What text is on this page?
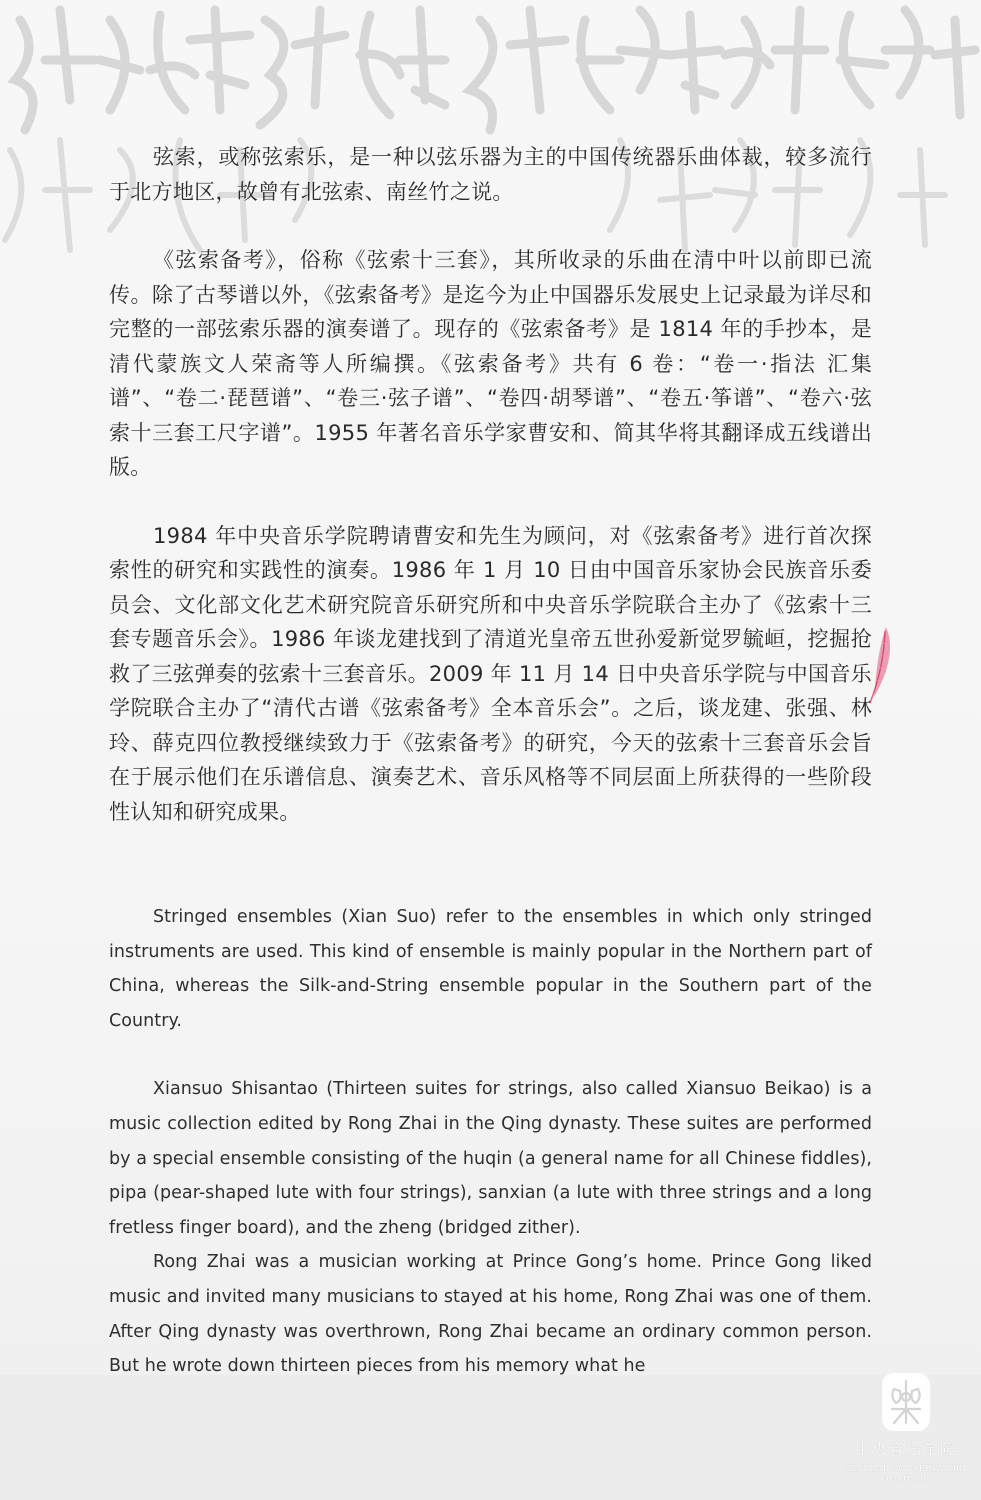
弦索，或称弦索乐，是一种以弦乐器为主的中国传统器乐曲体裁，较多流行于北方地区，故曾有北弦索、南丝竹之说。

《弦索备考》，俗称《弦索十三套》，其所收录的乐曲在清中叶以前即已流传。除了古琴谱以外，《弦索备考》是迄今为止中国器乐发展史上记录最为详尽和完整的一部弦索乐器的演奏谱了。现存的《弦索备考》是 1814 年的手抄本，是清代蒙族文人荣斋等人所编撰。《弦索备考》共有 6 卷：“卷一·指法 汇集谱”、“卷二·琵琶谱”、“卷三·弦子谱”、“卷四·胡琴谱”、“卷五·筝谱”、“卷六·弦索十三套工尺字谱”。1955 年著名音乐学家曹安和、简其华将其翻译成五线谱出版。

1984 年中央音乐学院聘请曹安和先生为顾问，对《弦索备考》进行首次探索性的研究和实践性的演奏。1986 年 1 月 10 日由中国音乐家协会民族音乐委员会、文化部文化艺术研究院音乐研究所和中央音乐学院联合主办了《弦索十三套专题音乐会》。1986 年谈龙建找到了清道光皇帝五世孙爱新觉罗毓峘，挖掘抢救了三弦弹奏的弦索十三套音乐。2009 年 11 月 14 日中央音乐学院与中国音乐学院联合主办了“清代古谱《弦索备考》全本音乐会”。之后，谈龙建、张强、林玲、薛克四位教授继续致力于《弦索备考》的研究，今天的弦索十三套音乐会旨在于展示他们在乐谱信息、演奏艺术、音乐风格等不同层面上所获得的一些阶段性认知和研究成果。

Stringed ensembles (Xian Suo) refer to the ensembles in which only stringed instruments are used. This kind of ensemble is mainly popular in the Northern part of China, whereas the Silk-and-String ensemble popular in the Southern part of the Country.

Xiansuo Shisantao (Thirteen suites for strings, also called Xiansuo Beikao) is a music collection edited by Rong Zhai in the Qing dynasty. These suites are performed by a special ensemble consisting of the huqin (a general name for all Chinese fiddles), pipa (pear-shaped lute with four strings), sanxian (a lute with three strings and a long fretless finger board), and the zheng (bridged zither).

Rong Zhai was a musician working at Prince Gong’s home. Prince Gong liked music and invited many musicians to stayed at his home, Rong Zhai was one of them. After Qing dynasty was overthrown, Rong Zhai became an ordinary common person. But he wrote down thirteen pieces from his memory what he

中央音乐学院
CENTRAL CONSERVATORY
OF MUSIC
